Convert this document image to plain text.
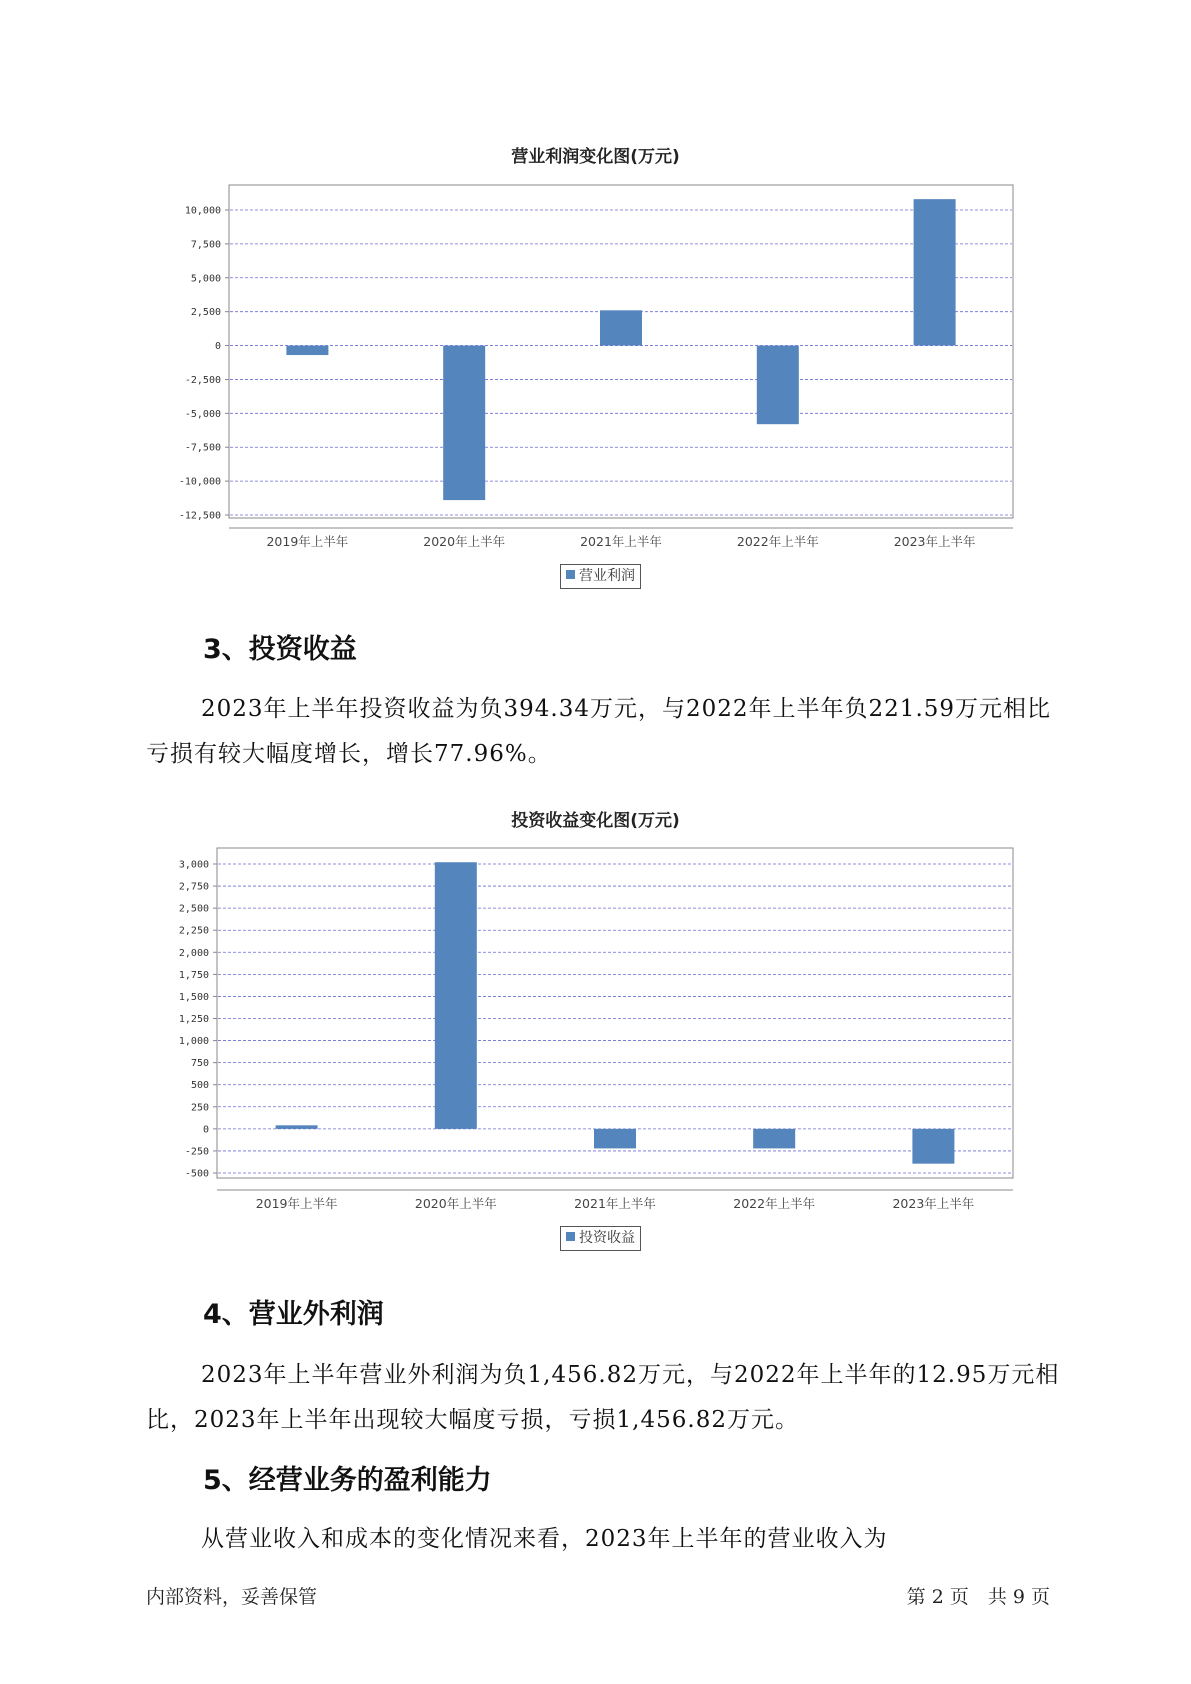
营业利润变化图(万元)
10,000
7,500
5,000
2,500
0
-2,500
-5,000
-7,500
-10,000
-12,500
2019年上半年	2020年上半年	2021年上半年	2022年上半年	2023年上半年
营业利润
3、投资收益
2023年上半年投资收益为负394.34万元，与2022年上半年负221.59万元相比亏损有较大幅度增长，增长77.96%。
投资收益变化图(万元)
3,000
2,750
2,500
2,250
2,000
1,750
1,500
1,250
1,000
750
500
250
0
-250
-500
2019年上半年	2020年上半年	2021年上半年	2022年上半年	2023年上半年
投资收益
4、营业外利润
2023年上半年营业外利润为负1,456.82万元，与2022年上半年的12.95万元相比，2023年上半年出现较大幅度亏损，亏损1,456.82万元。
5、经营业务的盈利能力
从营业收入和成本的变化情况来看，2023年上半年的营业收入为
内部资料，妥善保管	第 2 页　共 9 页
